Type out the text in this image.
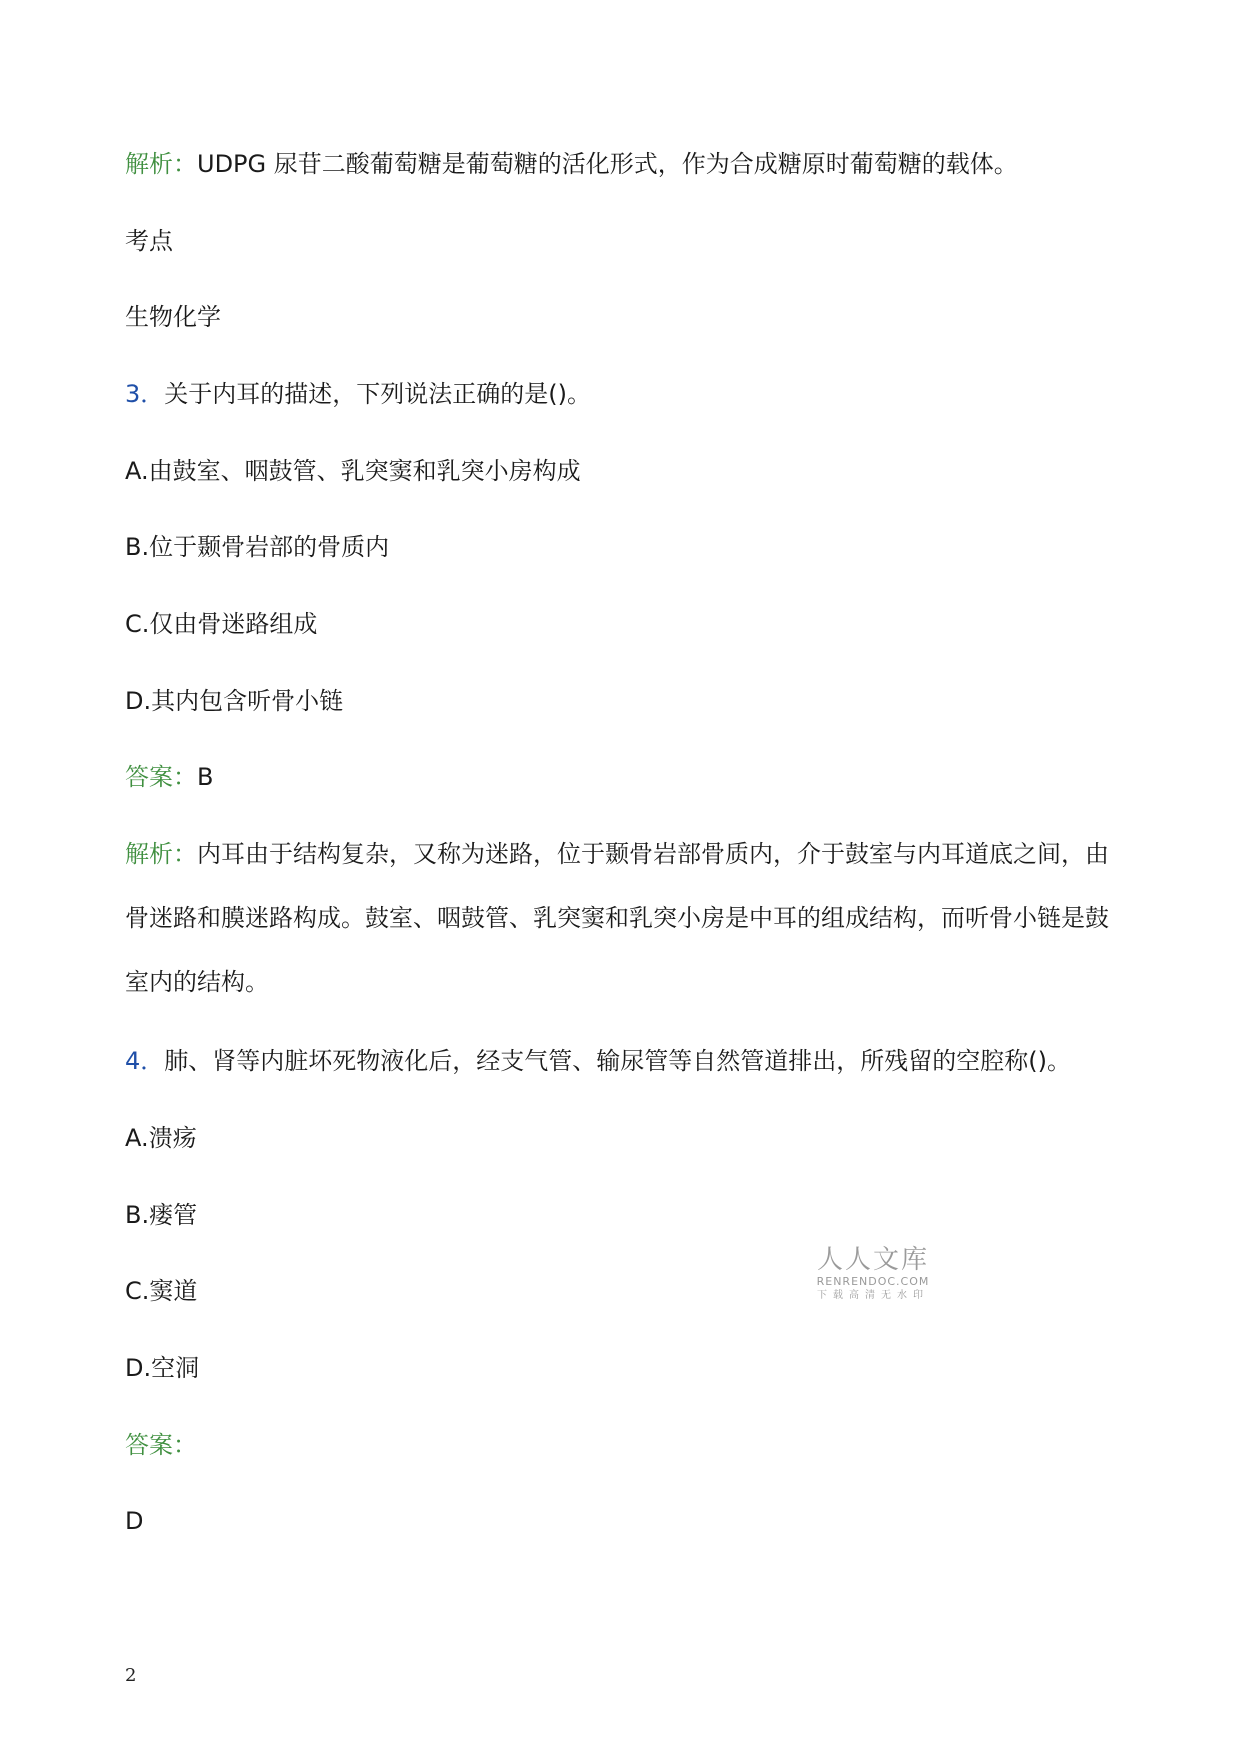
解析：UDPG 尿苷二酸葡萄糖是葡萄糖的活化形式，作为合成糖原时葡萄糖的载体。
考点
生物化学
3．关于内耳的描述，下列说法正确的是()。
A.由鼓室、咽鼓管、乳突窦和乳突小房构成
B.位于颞骨岩部的骨质内
C.仅由骨迷路组成
D.其内包含听骨小链
答案：B
解析：内耳由于结构复杂，又称为迷路，位于颞骨岩部骨质内，介于鼓室与内耳道底之间，由骨迷路和膜迷路构成。鼓室、咽鼓管、乳突窦和乳突小房是中耳的组成结构，而听骨小链是鼓室内的结构。
4．肺、肾等内脏坏死物液化后，经支气管、输尿管等自然管道排出，所残留的空腔称()。
A.溃疡
B.瘘管
C.窦道
D.空洞
答案：
D
人人文库
RENRENDOC.COM
下载高清无水印
2
